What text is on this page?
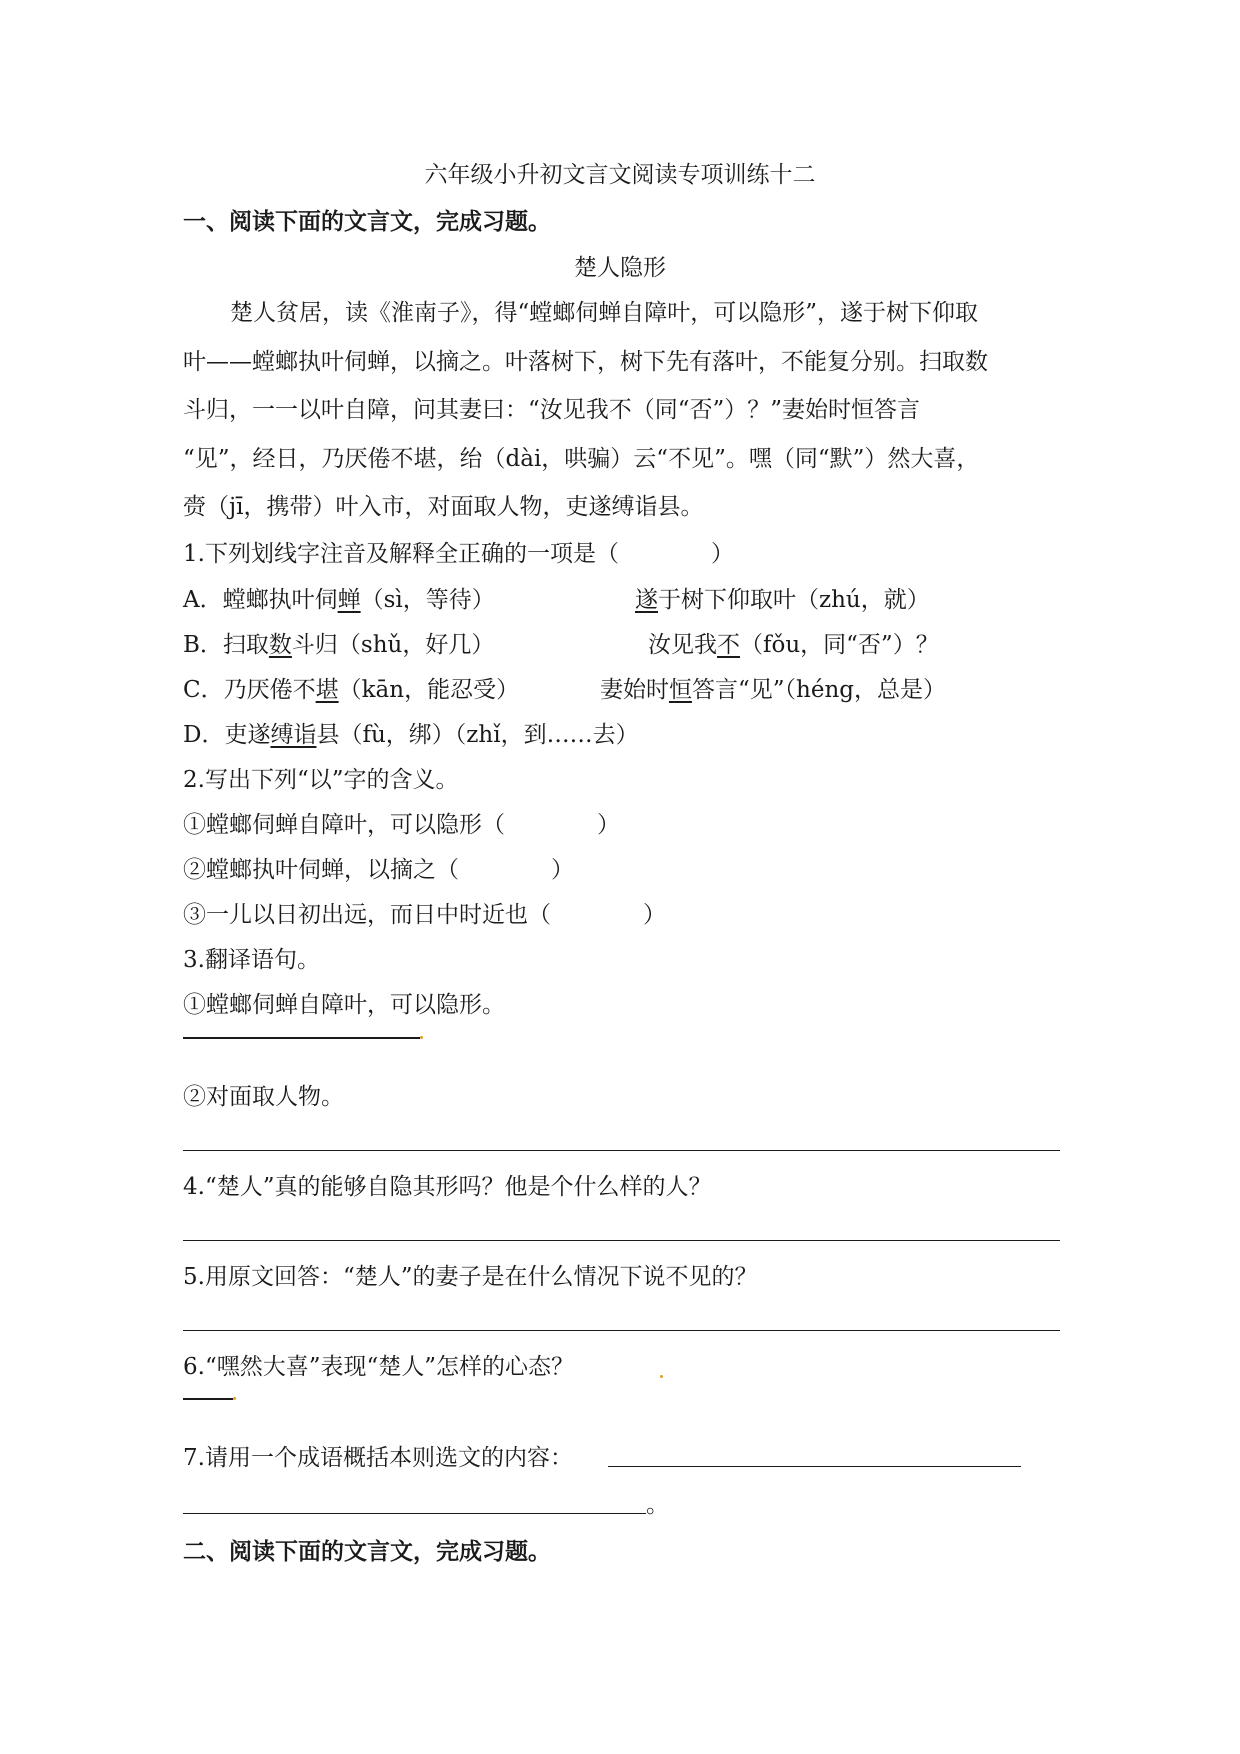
六年级小升初文言文阅读专项训练十二
一、阅读下面的文言文，完成习题。
楚人隐形
楚人贫居，读《淮南子》，得“螳螂伺蝉自障叶，可以隐形”，遂于树下仰取
叶——螳螂执叶伺蝉，以摘之。叶落树下，树下先有落叶，不能复分别。扫取数
斗归，一一以叶自障，问其妻曰：“汝见我不（同“否”）？”妻始时恒答言
“见”，经日，乃厌倦不堪，绐（dài，哄骗）云“不见”。嘿（同“默”）然大喜，
赍（jī，携带）叶入市，对面取人物，吏遂缚诣县。
1.下列划线字注音及解释全正确的一项是（　　　　）
A．螳螂执叶伺蝉（sì，等待）	遂于树下仰取叶（zhú，就）
B．扫取数斗归（shǔ，好几）	汝见我不（fǒu，同“否”）？
C．乃厌倦不堪（kān，能忍受）	妻始时恒答言“见”（héng，总是）
D．吏遂缚诣县（fù，绑）（zhǐ，到……去）
2.写出下列“以”字的含义。
①螳螂伺蝉自障叶，可以隐形（　　　　）
②螳螂执叶伺蝉，以摘之（　　　　）
③一儿以日初出远，而日中时近也（　　　　）
3.翻译语句。
①螳螂伺蝉自障叶，可以隐形。
②对面取人物。
4.“楚人”真的能够自隐其形吗？他是个什么样的人？
5.用原文回答：“楚人”的妻子是在什么情况下说不见的？
6.“嘿然大喜”表现“楚人”怎样的心态？
7.请用一个成语概括本则选文的内容：
。
二、阅读下面的文言文，完成习题。
